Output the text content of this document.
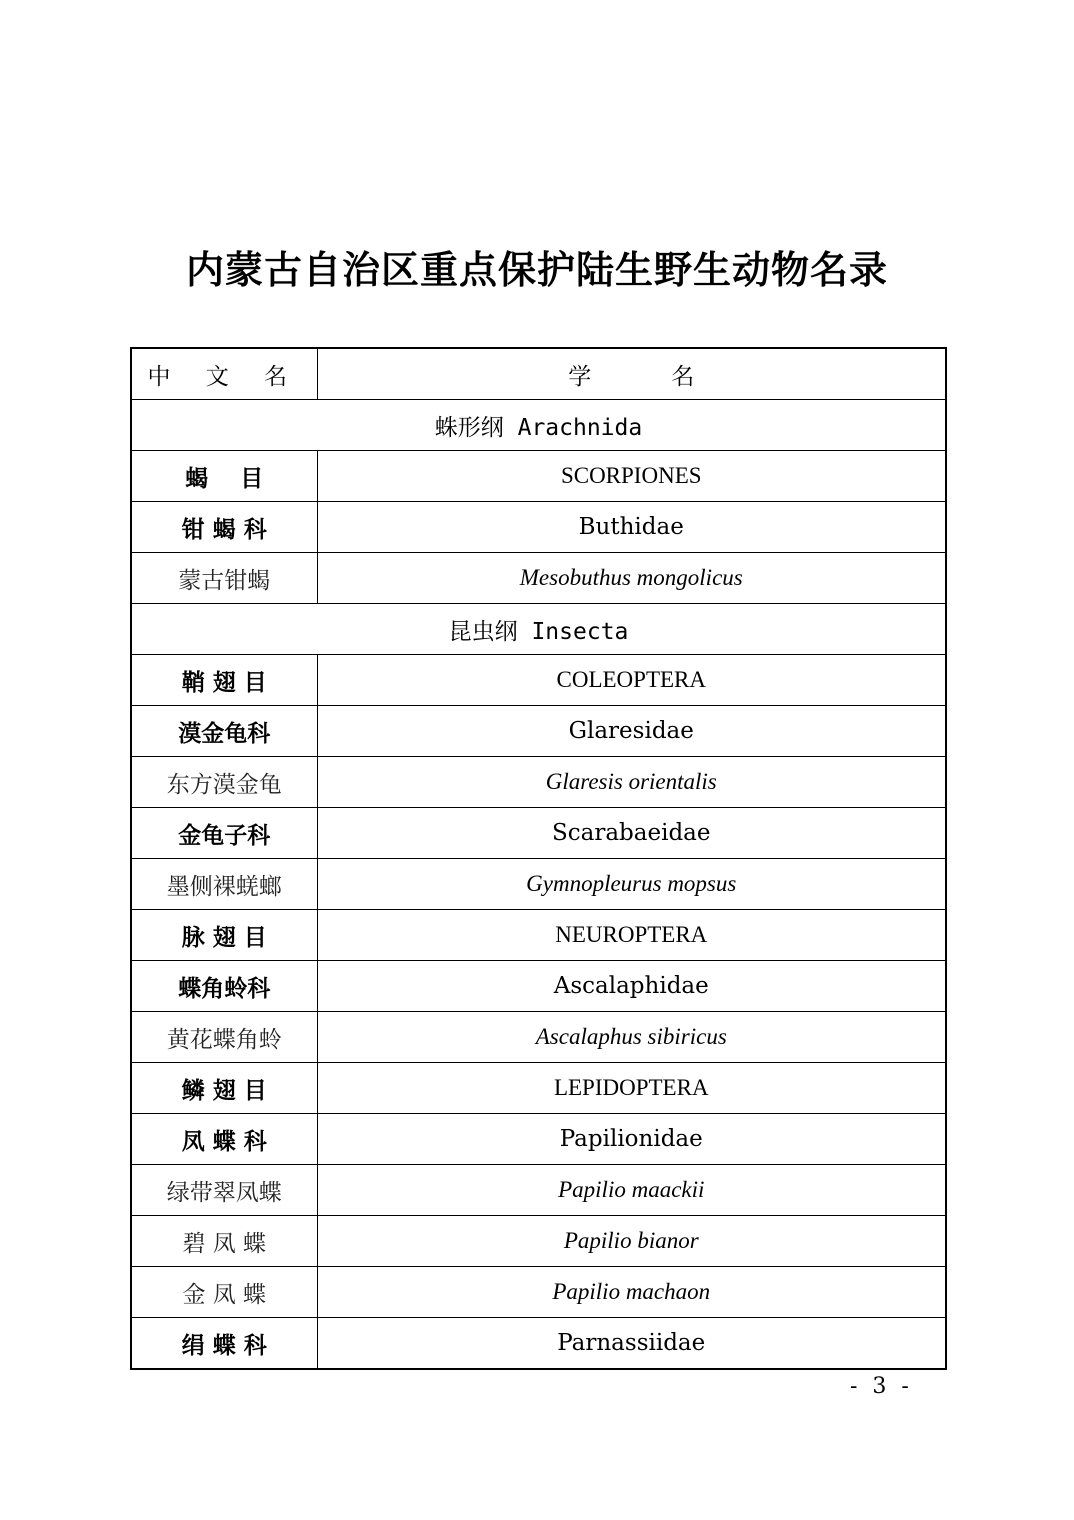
内蒙古自治区重点保护陆生野生动物名录
中 文 名	学 名
蛛形纲 Arachnida	
蝎    目	SCORPIONES
钳 蝎 科	Buthidae
蒙古钳蝎	Mesobuthus mongolicus
昆虫纲 Insecta	
鞘 翅 目	COLEOPTERA
漠金龟科	Glaresidae
东方漠金龟	Glaresis orientalis
金龟子科	Scarabaeidae
墨侧裸蜣螂	Gymnopleurus mopsus
脉 翅 目	NEUROPTERA
蝶角蛉科	Ascalaphidae
黄花蝶角蛉	Ascalaphus sibiricus
鳞 翅 目	LEPIDOPTERA
凤 蝶 科	Papilionidae
绿带翠凤蝶	Papilio maackii
碧 凤 蝶	Papilio bianor
金 凤 蝶	Papilio machaon
绢 蝶 科	Parnassiidae
- 3 -
